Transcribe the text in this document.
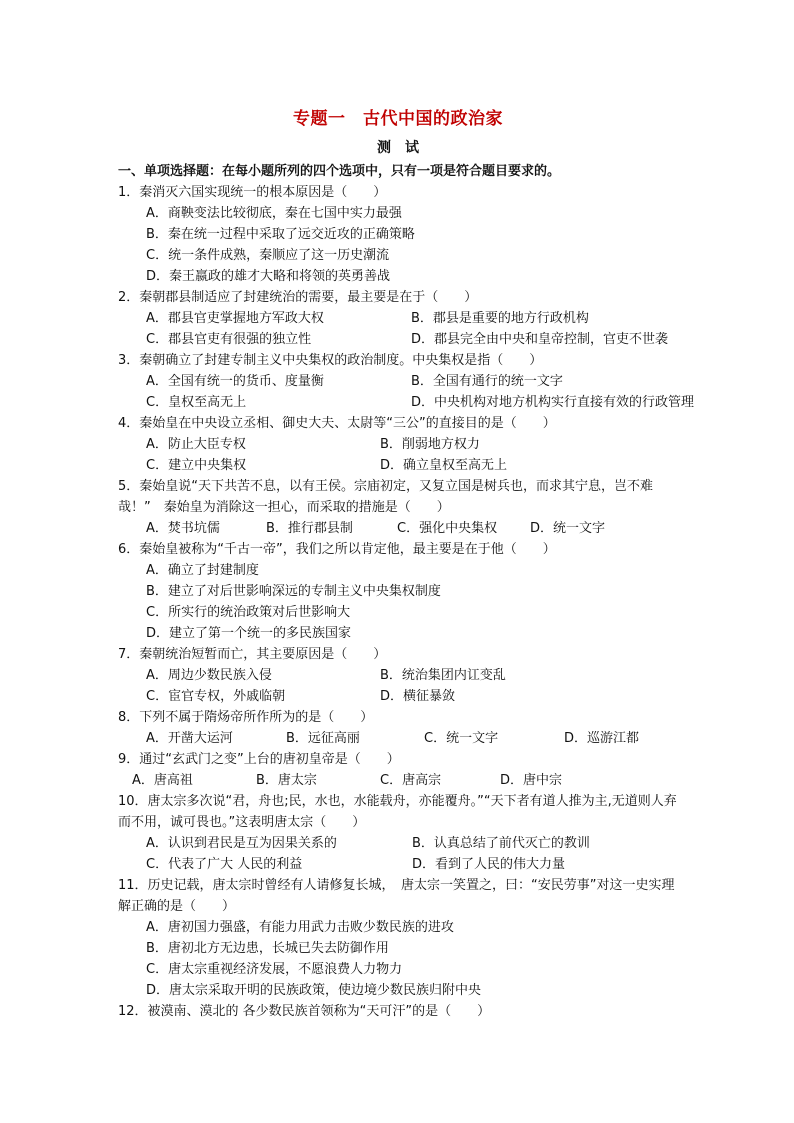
专题一　古代中国的政治家
测　试
一、单项选择题：在每小题所列的四个选项中，只有一项是符合题目要求的。
1．秦消灭六国实现统一的根本原因是（　　）
A．商鞅变法比较彻底，秦在七国中实力最强
B．秦在统一过程中采取了远交近攻的正确策略
C．统一条件成熟，秦顺应了这一历史潮流
D．秦王嬴政的雄才大略和将领的英勇善战
2．秦朝郡县制适应了封建统治的需要，最主要是在于（　　）
A．郡县官吏掌握地方军政大权	B．郡县是重要的地方行政机构
C．郡县官吏有很强的独立性	D．郡县完全由中央和皇帝控制，官吏不世袭
3．秦朝确立了封建专制主义中央集权的政治制度。中央集权是指（　　）
A．全国有统一的货币、度量衡	B．全国有通行的统一文字
C．皇权至高无上	D．中央机构对地方机构实行直接有效的行政管理
4．秦始皇在中央设立丞相、御史大夫、太尉等“三公”的直接目的是（　　）
A．防止大臣专权	B．削弱地方权力
C．建立中央集权	D．确立皇权至高无上
5．秦始皇说“天下共苦不息，以有王侯。宗庙初定，又复立国是树兵也，而求其宁息，岂不难哉！”　秦始皇为消除这一担心，而采取的措施是（　　）
A．焚书坑儒	B．推行郡县制	C．强化中央集权	D．统一文字
6．秦始皇被称为“千古一帝”，我们之所以肯定他，最主要是在于他（　　）
A．确立了封建制度
B．建立了对后世影响深远的专制主义中央集权制度
C．所实行的统治政策对后世影响大
D．建立了第一个统一的多民族国家
7．秦朝统治短暂而亡，其主要原因是（　　）
A．周边少数民族入侵	B．统治集团内讧变乱
C．宦官专权，外戚临朝	D．横征暴敛
8．下列不属于隋炀帝所作所为的是（　　）
A．开凿大运河	B．远征高丽	C．统一文字	D．巡游江都
9．通过“玄武门之变”上台的唐初皇帝是（　　）
A．唐高祖	B．唐太宗	C．唐高宗	D．唐中宗
10．唐太宗多次说“君，舟也;民，水也，水能载舟，亦能覆舟。”“天下者有道人推为主,无道则人弃而不用，诚可畏也。”这表明唐太宗（　　）
A．认识到君民是互为因果关系的	B．认真总结了前代灭亡的教训
C．代表了广大 人民的利益	D．看到了人民的伟大力量
11．历史记载，唐太宗时曾经有人请修复长城，　唐太宗一笑置之，曰：“安民劳事”对这一史实理解正确的是（　　）
A．唐初国力强盛，有能力用武力击败少数民族的进攻
B．唐初北方无边患，长城已失去防御作用
C．唐太宗重视经济发展，不愿浪费人力物力
D．唐太宗采取开明的民族政策，使边境少数民族归附中央
12．被漠南、漠北的 各少数民族首领称为“天可汗”的是（　　）
